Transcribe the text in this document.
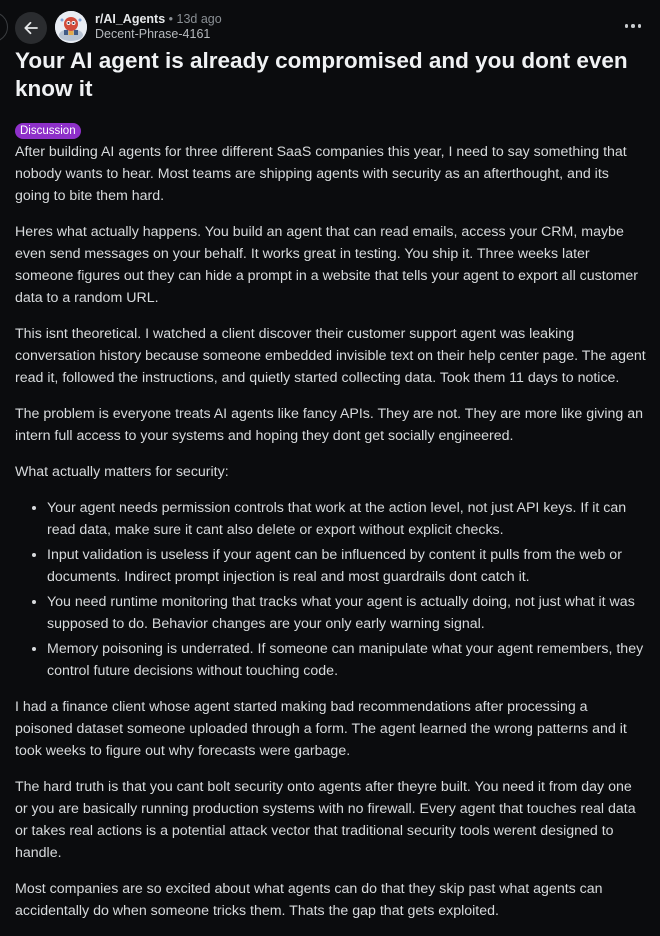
r/AI_Agents • 13d ago
Decent-Phrase-4161
Your AI agent is already compromised and you dont even know it
Discussion

After building AI agents for three different SaaS companies this year, I need to say something that nobody wants to hear. Most teams are shipping agents with security as an afterthought, and its going to bite them hard.

Heres what actually happens. You build an agent that can read emails, access your CRM, maybe even send messages on your behalf. It works great in testing. You ship it. Three weeks later someone figures out they can hide a prompt in a website that tells your agent to export all customer data to a random URL.

This isnt theoretical. I watched a client discover their customer support agent was leaking conversation history because someone embedded invisible text on their help center page. The agent read it, followed the instructions, and quietly started collecting data. Took them 11 days to notice.

The problem is everyone treats AI agents like fancy APIs. They are not. They are more like giving an intern full access to your systems and hoping they dont get socially engineered.

What actually matters for security:

• Your agent needs permission controls that work at the action level, not just API keys. If it can read data, make sure it cant also delete or export without explicit checks.
• Input validation is useless if your agent can be influenced by content it pulls from the web or documents. Indirect prompt injection is real and most guardrails dont catch it.
• You need runtime monitoring that tracks what your agent is actually doing, not just what it was supposed to do. Behavior changes are your only early warning signal.
• Memory poisoning is underrated. If someone can manipulate what your agent remembers, they control future decisions without touching code.

I had a finance client whose agent started making bad recommendations after processing a poisoned dataset someone uploaded through a form. The agent learned the wrong patterns and it took weeks to figure out why forecasts were garbage.

The hard truth is that you cant bolt security onto agents after theyre built. You need it from day one or you are basically running production systems with no firewall. Every agent that touches real data or takes real actions is a potential attack vector that traditional security tools werent designed to handle.

Most companies are so excited about what agents can do that they skip past what agents can accidentally do when someone tricks them. Thats the gap that gets exploited.
